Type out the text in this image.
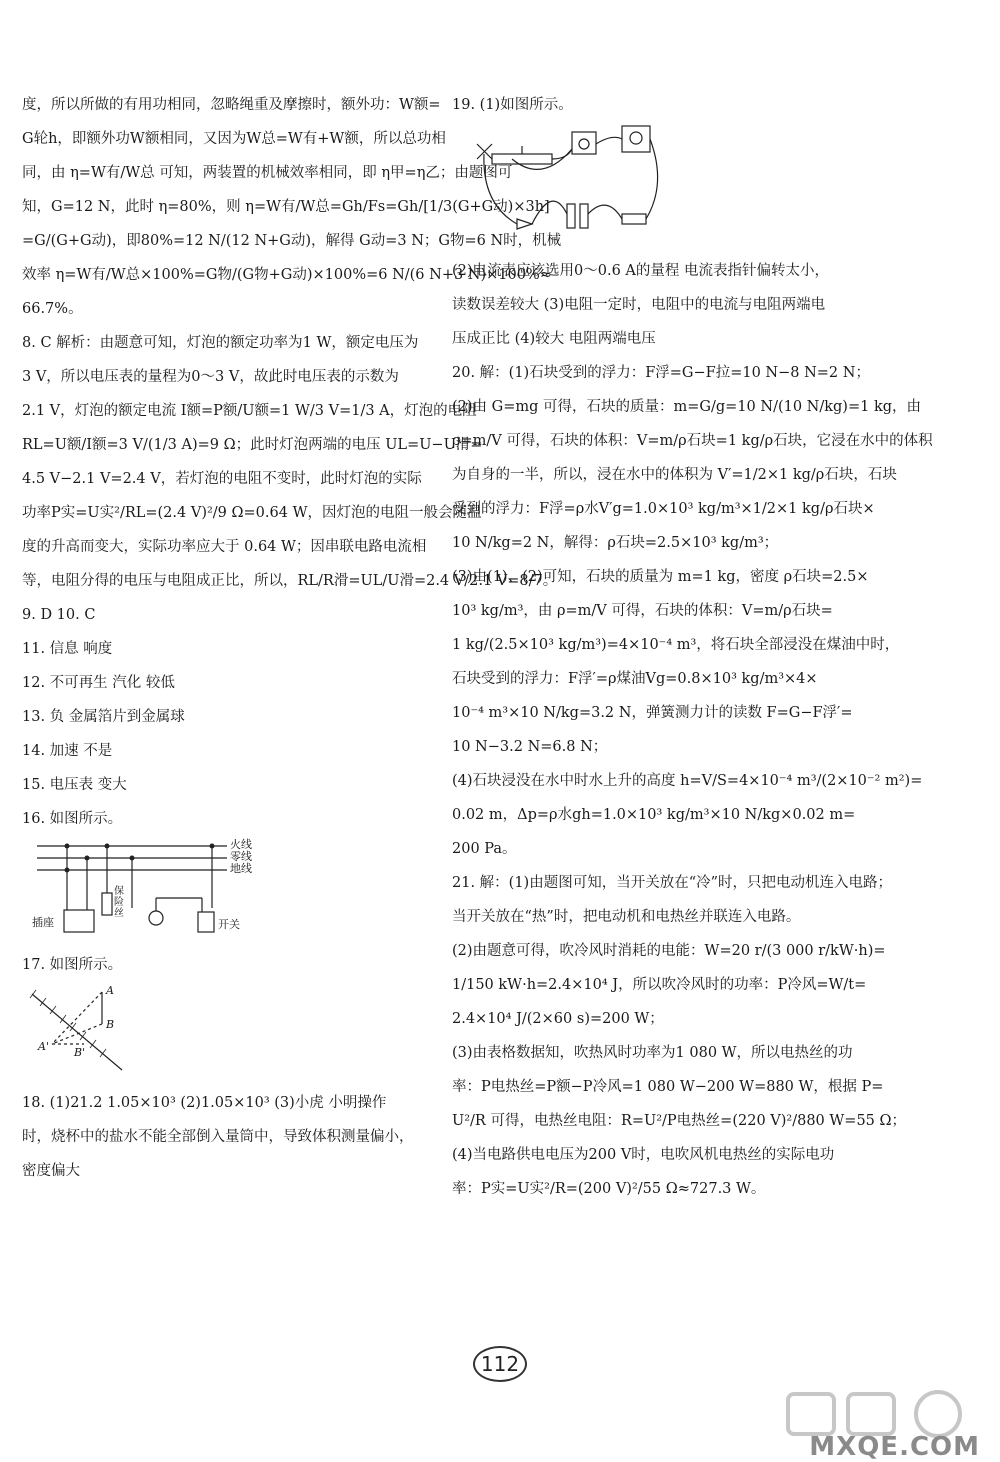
度，所以所做的有用功相同，忽略绳重及摩擦时，额外功：W额=
G轮h，即额外功W额相同，又因为W总=W有+W额，所以总功相
同，由 η=W有/W总 可知，两装置的机械效率相同，即 η甲=η乙；由题图可
知，G=12 N，此时 η=80%，则 η=W有/W总=Gh/Fs=Gh/[1/3(G+G动)×3h]
=G/(G+G动)，即80%=12 N/(12 N+G动)，解得 G动=3 N；G物=6 N时，机械
效率 η=W有/W总×100%=G物/(G物+G动)×100%=6 N/(6 N+3 N)×100%≈
66.7%。
8. C 解析：由题意可知，灯泡的额定功率为1 W，额定电压为
3 V，所以电压表的量程为0～3 V，故此时电压表的示数为
2.1 V，灯泡的额定电流 I额=P额/U额=1 W/3 V=1/3 A，灯泡的电阻
RL=U额/I额=3 V/(1/3 A)=9 Ω；此时灯泡两端的电压 UL=U−U滑=
4.5 V−2.1 V=2.4 V，若灯泡的电阻不变时，此时灯泡的实际
功率P实=U实²/RL=(2.4 V)²/9 Ω=0.64 W，因灯泡的电阻一般会随温
度的升高而变大，实际功率应大于 0.64 W；因串联电路电流相
等，电阻分得的电压与电阻成正比，所以，RL/R滑=UL/U滑=2.4 V/2.1 V=8/7。
9. D 10. C
11. 信息 响度
12. 不可再生 汽化 较低
13. 负 金属箔片到金属球
14. 加速 不是
15. 电压表 变大
16. 如图所示。
火线
零线
地线
插座
保险丝
开关
17. 如图所示。
A
B
A' B'
18. (1)21.2 1.05×10³ (2)1.05×10³ (3)小虎 小明操作
时，烧杯中的盐水不能全部倒入量筒中，导致体积测量偏小，
密度偏大
19. (1)如图所示。
(2)电流表应该选用0～0.6 A的量程 电流表指针偏转太小，
读数误差较大 (3)电阻一定时，电阻中的电流与电阻两端电
压成正比 (4)较大 电阻两端电压
20. 解：(1)石块受到的浮力：F浮=G−F拉=10 N−8 N=2 N；
(2)由 G=mg 可得，石块的质量：m=G/g=10 N/(10 N/kg)=1 kg，由
ρ=m/V 可得，石块的体积：V=m/ρ石块=1 kg/ρ石块，它浸在水中的体积
为自身的一半，所以，浸在水中的体积为 V′=1/2×1 kg/ρ石块，石块
受到的浮力：F浮=ρ水V′g=1.0×10³ kg/m³×1/2×1 kg/ρ石块×
10 N/kg=2 N，解得：ρ石块=2.5×10³ kg/m³；
(3)由(1)、(2)可知，石块的质量为 m=1 kg，密度 ρ石块=2.5×
10³ kg/m³，由 ρ=m/V 可得，石块的体积：V=m/ρ石块=
1 kg/(2.5×10³ kg/m³)=4×10⁻⁴ m³，将石块全部浸没在煤油中时，
石块受到的浮力：F浮′=ρ煤油Vg=0.8×10³ kg/m³×4×
10⁻⁴ m³×10 N/kg=3.2 N，弹簧测力计的读数 F=G−F浮′=
10 N−3.2 N=6.8 N；
(4)石块浸没在水中时水上升的高度 h=V/S=4×10⁻⁴ m³/(2×10⁻² m²)=
0.02 m，Δp=ρ水gh=1.0×10³ kg/m³×10 N/kg×0.02 m=
200 Pa。
21. 解：(1)由题图可知，当开关放在“冷”时，只把电动机连入电路；
当开关放在“热”时，把电动机和电热丝并联连入电路。
(2)由题意可得，吹冷风时消耗的电能：W=20 r/(3 000 r/kW·h)=
1/150 kW·h=2.4×10⁴ J，所以吹冷风时的功率：P冷风=W/t=
2.4×10⁴ J/(2×60 s)=200 W；
(3)由表格数据知，吹热风时功率为1 080 W，所以电热丝的功
率：P电热丝=P额−P冷风=1 080 W−200 W=880 W，根据 P=
U²/R 可得，电热丝电阻：R=U²/P电热丝=(220 V)²/880 W=55 Ω；
(4)当电路供电电压为200 V时，电吹风机电热丝的实际电功
率：P实=U实²/R=(200 V)²/55 Ω≈727.3 W。
112
MXQE.COM
